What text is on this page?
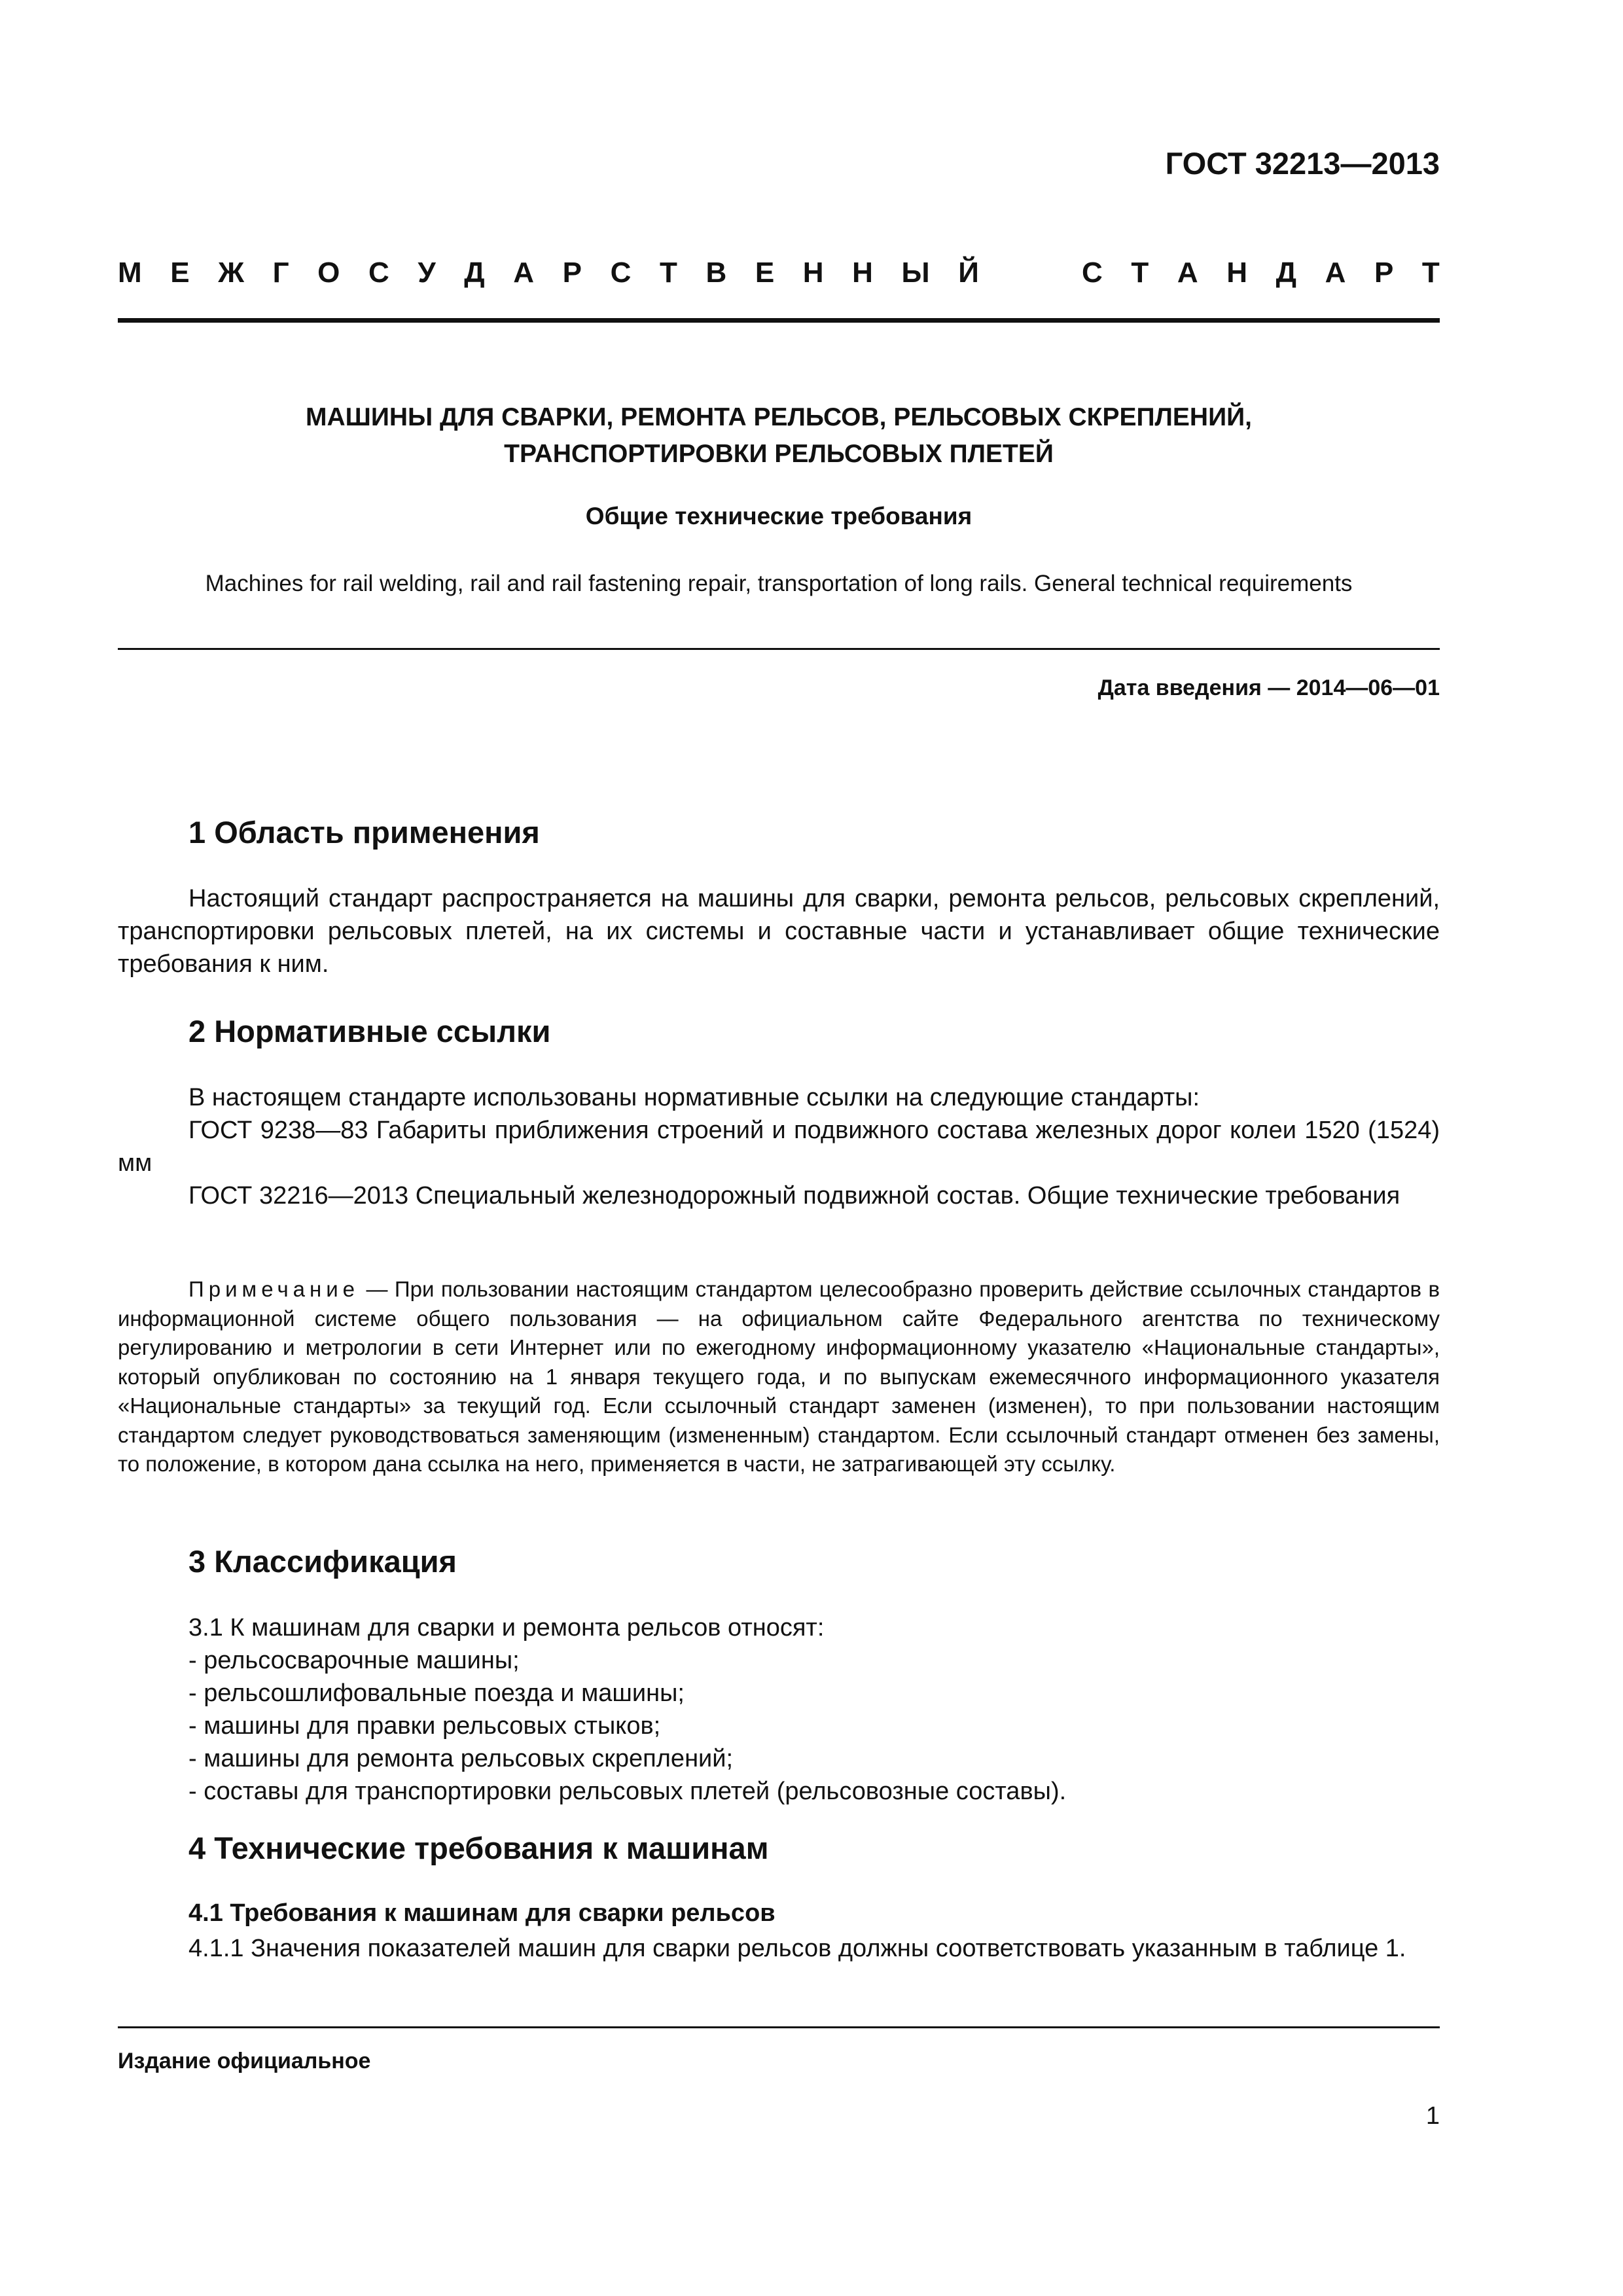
ГОСТ 32213—2013
М Е Ж Г О С У Д А Р С Т В Е Н Н Ы Й	С Т А Н Д А Р Т
МАШИНЫ ДЛЯ СВАРКИ, РЕМОНТА РЕЛЬСОВ, РЕЛЬСОВЫХ СКРЕПЛЕНИЙ,
ТРАНСПОРТИРОВКИ РЕЛЬСОВЫХ ПЛЕТЕЙ
Общие технические требования
Machines for rail welding, rail and rail fastening repair, transportation of long rails. General technical requirements
Дата введения — 2014—06—01
1 Область применения
Настоящий стандарт распространяется на машины для сварки, ремонта рельсов, рельсовых скреплений, транспортировки рельсовых плетей, на их системы и составные части и устанавливает общие технические требования к ним.
2 Нормативные ссылки
В настоящем стандарте использованы нормативные ссылки на следующие стандарты:
ГОСТ 9238—83 Габариты приближения строений и подвижного состава железных дорог колеи 1520 (1524) мм
ГОСТ 32216—2013 Специальный железнодорожный подвижной состав. Общие технические требования
Примечание — При пользовании настоящим стандартом целесообразно проверить действие ссылочных стандартов в информационной системе общего пользования — на официальном сайте Федерального агентства по техническому регулированию и метрологии в сети Интернет или по ежегодному информационному указателю «Национальные стандарты», который опубликован по состоянию на 1 января текущего года, и по выпускам ежемесячного информационного указателя «Национальные стандарты» за текущий год. Если ссылочный стандарт заменен (изменен), то при пользовании настоящим стандартом следует руководствоваться заменяющим (измененным) стандартом. Если ссылочный стандарт отменен без замены, то положение, в котором дана ссылка на него, применяется в части, не затрагивающей эту ссылку.
3 Классификация
3.1 К машинам для сварки и ремонта рельсов относят:
- рельсосварочные машины;
- рельсошлифовальные поезда и машины;
- машины для правки рельсовых стыков;
- машины для ремонта рельсовых скреплений;
- составы для транспортировки рельсовых плетей (рельсовозные составы).
4 Технические требования к машинам
4.1 Требования к машинам для сварки рельсов
4.1.1 Значения показателей машин для сварки рельсов должны соответствовать указанным в таблице 1.
Издание официальное
1
